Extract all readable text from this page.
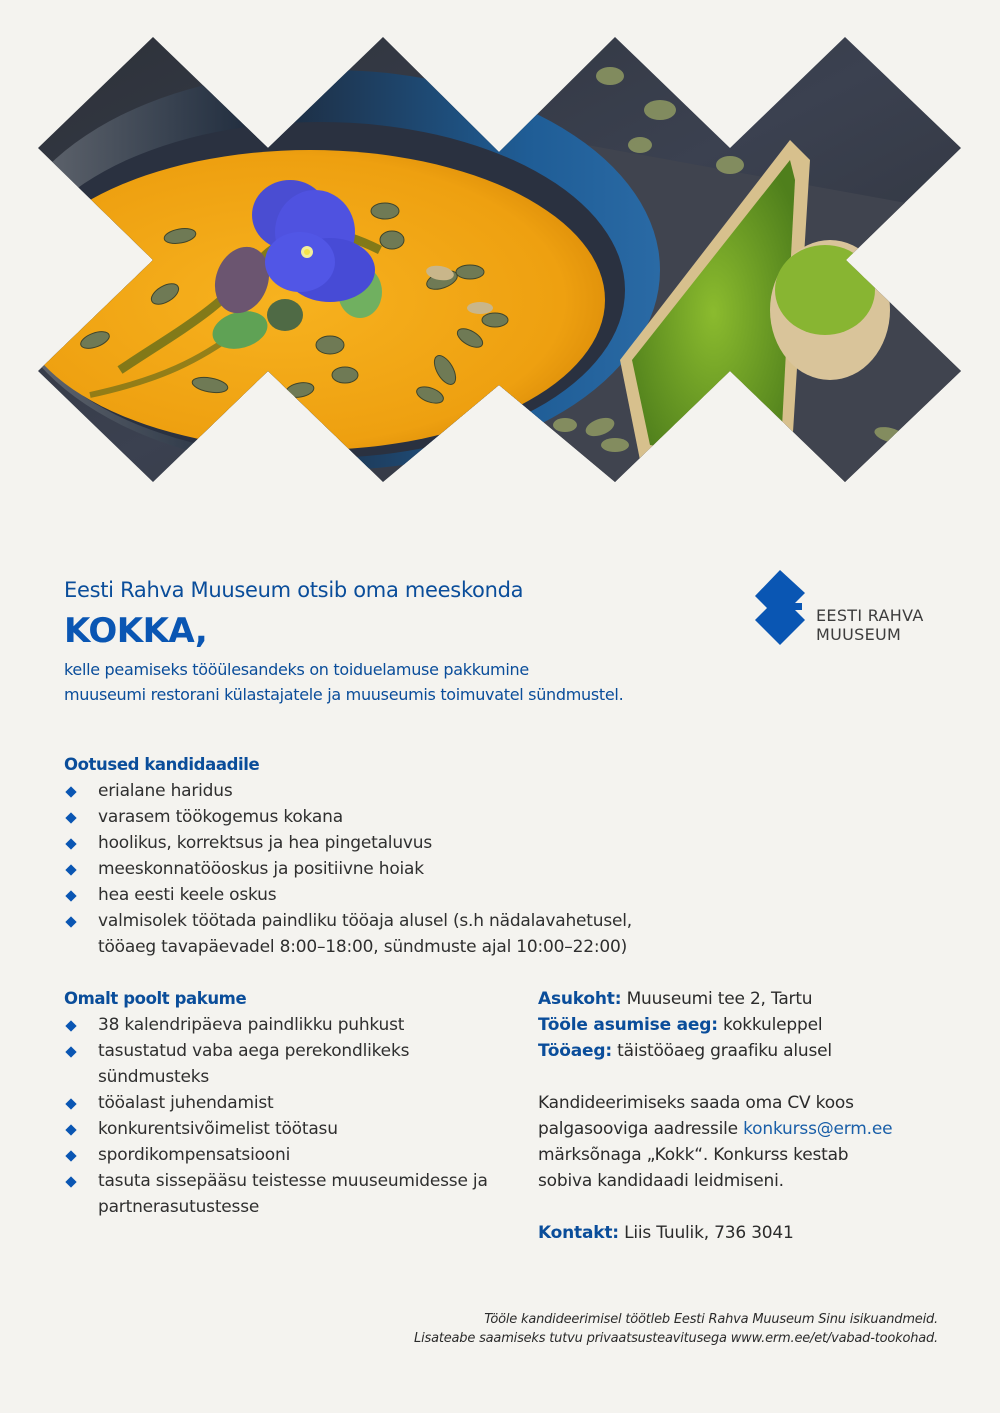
EESTI RAHVA
MUUSEUM

Eesti Rahva Muuseum otsib oma meeskonda

KOKKA,

kelle peamiseks tööülesandeks on toiduelamuse pakkumine
muuseumi restorani külastajatele ja muuseumis toimuvatel sündmustel.

Ootused kandidaadile
erialane haridus
varasem töökogemus kokana
hoolikus, korrektsus ja hea pingetaluvus
meeskonnatööoskus ja positiivne hoiak
hea eesti keele oskus
valmisolek töötada paindliku tööaja alusel (s.h nädalavahetusel,
tööaeg tavapäevadel 8:00–18:00, sündmuste ajal 10:00–22:00)
Omalt poolt pakume
38 kalendripäeva paindlikku puhkust
tasustatud vaba aega perekondlikeks sündmusteks
tööalast juhendamist
konkurentsivõimelist töötasu
spordikompensatsiooni
tasuta sissepääsu teistesse muuseumidesse ja partnerasutustesse

Asukoht: Muuseumi tee 2, Tartu

Tööle asumise aeg: kokkuleppel

Tööaeg: täistööaeg graafiku alusel

Kandideerimiseks saada oma CV koos

palgasooviga aadressile konkurss@erm.ee

märksõnaga „Kokk“. Konkurss kestab

sobiva kandidaadi leidmiseni.

Kontakt: Liis Tuulik, 736 3041

Tööle kandideerimisel töötleb Eesti Rahva Muuseum Sinu isikuandmeid.

Lisateabe saamiseks tutvu privaatsusteavitusega www.erm.ee/et/vabad-tookohad.
